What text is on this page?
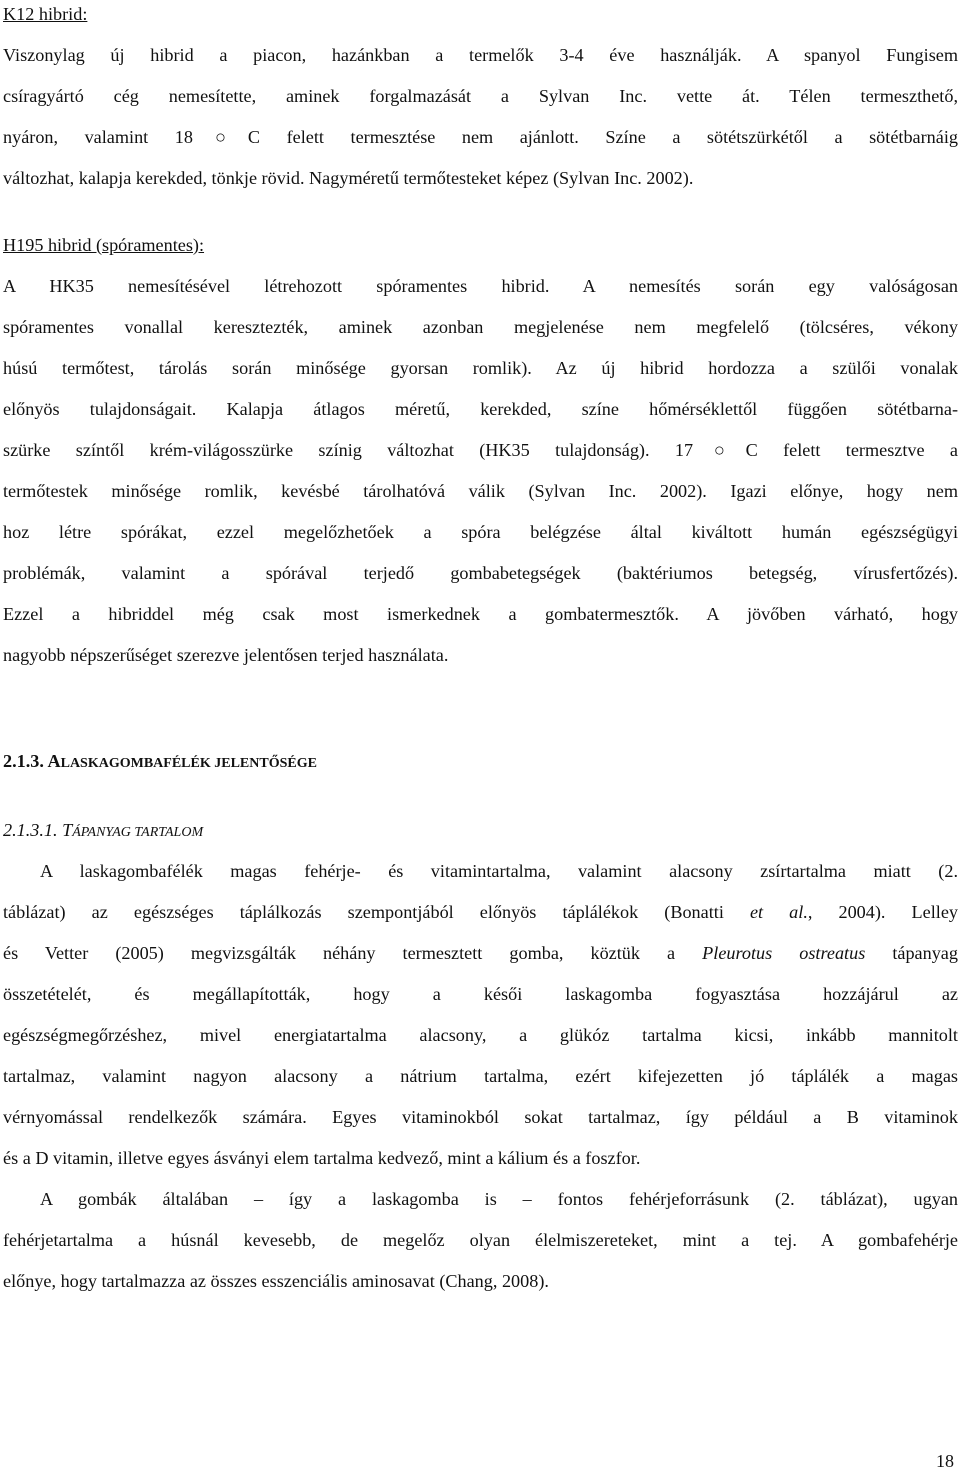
K12 hibrid:

Viszonylag új hibrid a piacon, hazánkban a termelők 3-4 éve használják. A spanyol Fungisem

csíragyártó cég nemesítette, aminek forgalmazását a Sylvan Inc. vette át. Télen termeszthető,

nyáron, valamint 18○C felett termesztése nem ajánlott. Színe a sötétszürkétől a sötétbarnáig

változhat, kalapja kerekded, tönkje rövid. Nagyméretű termőtesteket képez (Sylvan Inc. 2002).

H195 hibrid (spóramentes):

A HK35 nemesítésével létrehozott spóramentes hibrid. A nemesítés során egy valóságosan

spóramentes vonallal keresztezték, aminek azonban megjelenése nem megfelelő (tölcséres, vékony

húsú termőtest, tárolás során minősége gyorsan romlik). Az új hibrid hordozza a szülői vonalak

előnyös tulajdonságait. Kalapja átlagos méretű, kerekded, színe hőmérséklettől függően sötétbarna-

szürke színtől krém-világosszürke színig változhat (HK35 tulajdonság). 17○C felett termesztve a

termőtestek minősége romlik, kevésbé tárolhatóvá válik (Sylvan Inc. 2002). Igazi előnye, hogy nem

hoz létre spórákat, ezzel megelőzhetőek a spóra belégzése által kiváltott humán egészségügyi

problémák, valamint a spórával terjedő gombabetegségek (baktériumos betegség, vírusfertőzés).

Ezzel a hibriddel még csak most ismerkednek a gombatermesztők. A jövőben várható, hogy

nagyobb népszerűséget szerezve jelentősen terjed használata.

2.1.3. ALASKAGOMBAFÉLÉK JELENTŐSÉGE

2.1.3.1. TÁPANYAG TARTALOM

A laskagombafélék magas fehérje- és vitamintartalma, valamint alacsony zsírtartalma miatt (2.

táblázat) az egészséges táplálkozás szempontjából előnyös táplálékok (Bonatti et al., 2004). Lelley

és Vetter (2005) megvizsgálták néhány termesztett gomba, köztük a Pleurotus ostreatus tápanyag

összetételét, és megállapították, hogy a késői laskagomba fogyasztása hozzájárul az

egészségmegőrzéshez, mivel energiatartalma alacsony, a glükóz tartalma kicsi, inkább mannitolt

tartalmaz, valamint nagyon alacsony a nátrium tartalma, ezért kifejezetten jó táplálék a magas

vérnyomással rendelkezők számára. Egyes vitaminokból sokat tartalmaz, így például a B vitaminok

és a D vitamin, illetve egyes ásványi elem tartalma kedvező, mint a kálium és a foszfor.

A gombák általában – így a laskagomba is – fontos fehérjeforrásunk (2. táblázat), ugyan

fehérjetartalma a húsnál kevesebb, de megelőz olyan élelmiszereteket, mint a tej. A gombafehérje

előnye, hogy tartalmazza az összes esszenciális aminosavat (Chang, 2008).

18
